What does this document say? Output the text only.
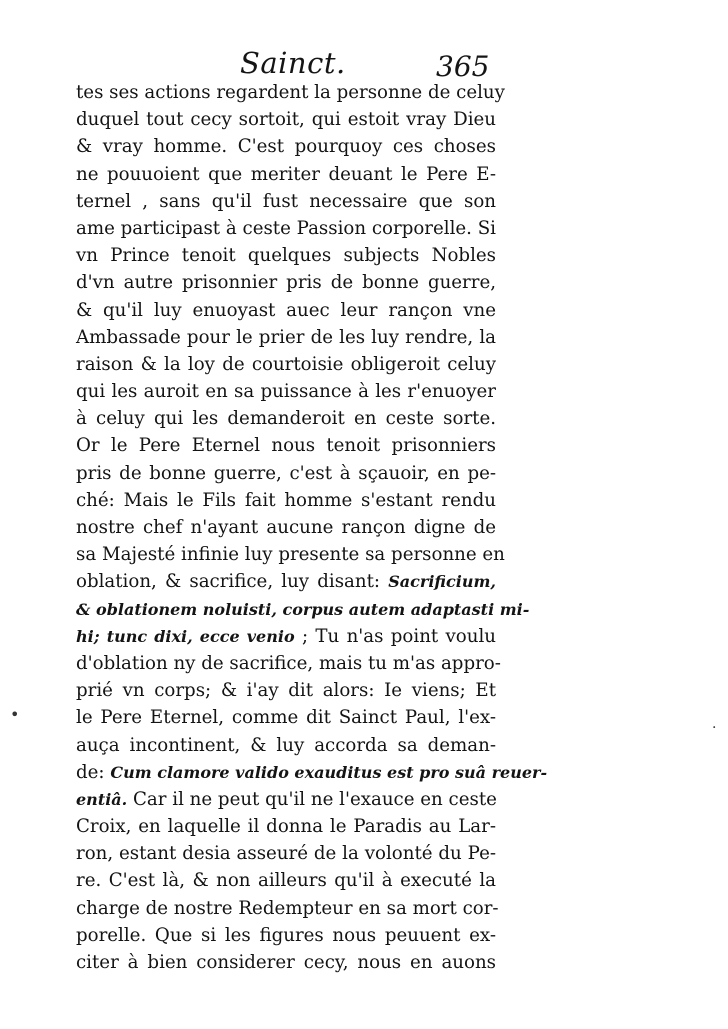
Sainct.	365
tes ses actions regardent la personne de celuy
duquel tout cecy sortoit, qui estoit vray Dieu
& vray homme. C'est pourquoy ces choses
ne pouuoient que meriter deuant le Pere E-
ternel , sans qu'il fust necessaire que son
ame participast à ceste Passion corporelle. Si
vn Prince tenoit quelques subjects Nobles
d'vn autre prisonnier pris de bonne guerre,
& qu'il luy enuoyast auec leur rançon vne
Ambassade pour le prier de les luy rendre, la
raison & la loy de courtoisie obligeroit celuy
qui les auroit en sa puissance à les r'enuoyer
à celuy qui les demanderoit en ceste sorte.
Or le Pere Eternel nous tenoit prisonniers
pris de bonne guerre, c'est à sçauoir, en pe-
ché: Mais le Fils fait homme s'estant rendu
nostre chef n'ayant aucune rançon digne de
sa Majesté infinie luy presente sa personne en
oblation, & sacrifice, luy disant: Sacrificium,
& oblationem noluisti, corpus autem adaptasti mi-
hi; tunc dixi, ecce venio ; Tu n'as point voulu
d'oblation ny de sacrifice, mais tu m'as appro-
prié vn corps; & i'ay dit alors: Ie viens; Et
le Pere Eternel, comme dit Sainct Paul, l'ex-
auça incontinent, & luy accorda sa deman-
de: Cum clamore valido exauditus est pro suâ reuer-
entiâ. Car il ne peut qu'il ne l'exauce en ceste
Croix, en laquelle il donna le Paradis au Lar-
ron, estant desia asseuré de la volonté du Pe-
re. C'est là, & non ailleurs qu'il à executé la
charge de nostre Redempteur en sa mort cor-
porelle. Que si les figures nous peuuent ex-
citer à bien considerer cecy, nous en auons
•
·
